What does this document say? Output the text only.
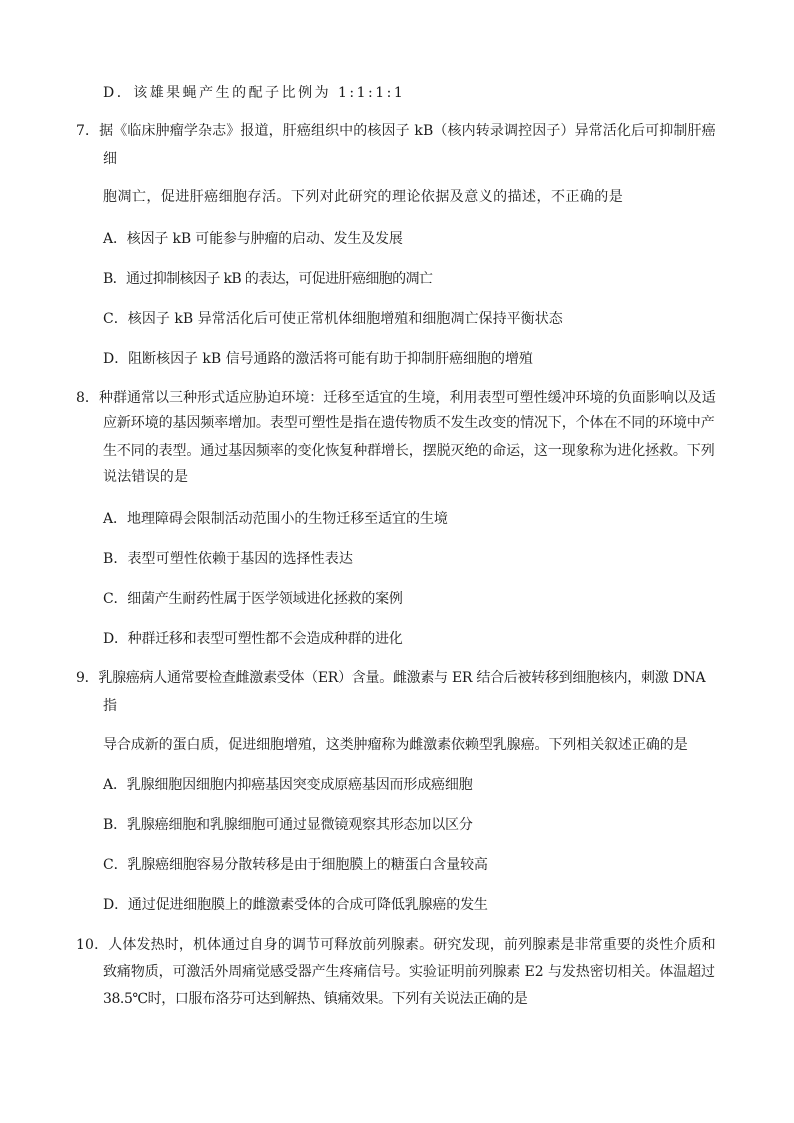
D．该雄果蝇产生的配子比例为 1:1:1:1
7．据《临床肿瘤学杂志》报道，肝癌组织中的核因子 kB（核内转录调控因子）异常活化后可抑制肝癌
细
胞凋亡，促进肝癌细胞存活。下列对此研究的理论依据及意义的描述，不正确的是
A．核因子 kB 可能参与肿瘤的启动、发生及发展
B．通过抑制核因子 kB 的表达，可促进肝癌细胞的凋亡
C．核因子 kB 异常活化后可使正常机体细胞增殖和细胞凋亡保持平衡状态
D．阻断核因子 kB 信号通路的激活将可能有助于抑制肝癌细胞的增殖
8．种群通常以三种形式适应胁迫环境：迁移至适宜的生境，利用表型可塑性缓冲环境的负面影响以及适
应新环境的基因频率增加。表型可塑性是指在遗传物质不发生改变的情况下，个体在不同的环境中产
生不同的表型。通过基因频率的变化恢复种群增长，摆脱灭绝的命运，这一现象称为进化拯救。下列
说法错误的是
A．地理障碍会限制活动范围小的生物迁移至适宜的生境
B．表型可塑性依赖于基因的选择性表达
C．细菌产生耐药性属于医学领域进化拯救的案例
D．种群迁移和表型可塑性都不会造成种群的进化
9．乳腺癌病人通常要检查雌激素受体（ER）含量。雌激素与 ER 结合后被转移到细胞核内，刺激 DNA
指
导合成新的蛋白质，促进细胞增殖，这类肿瘤称为雌激素依赖型乳腺癌。下列相关叙述正确的是
A．乳腺细胞因细胞内抑癌基因突变成原癌基因而形成癌细胞
B．乳腺癌细胞和乳腺细胞可通过显微镜观察其形态加以区分
C．乳腺癌细胞容易分散转移是由于细胞膜上的糖蛋白含量较高
D．通过促进细胞膜上的雌激素受体的合成可降低乳腺癌的发生
10．人体发热时，机体通过自身的调节可释放前列腺素。研究发现，前列腺素是非常重要的炎性介质和
致痛物质，可激活外周痛觉感受器产生疼痛信号。实验证明前列腺素 E2 与发热密切相关。体温超过
38.5℃时，口服布洛芬可达到解热、镇痛效果。下列有关说法正确的是
